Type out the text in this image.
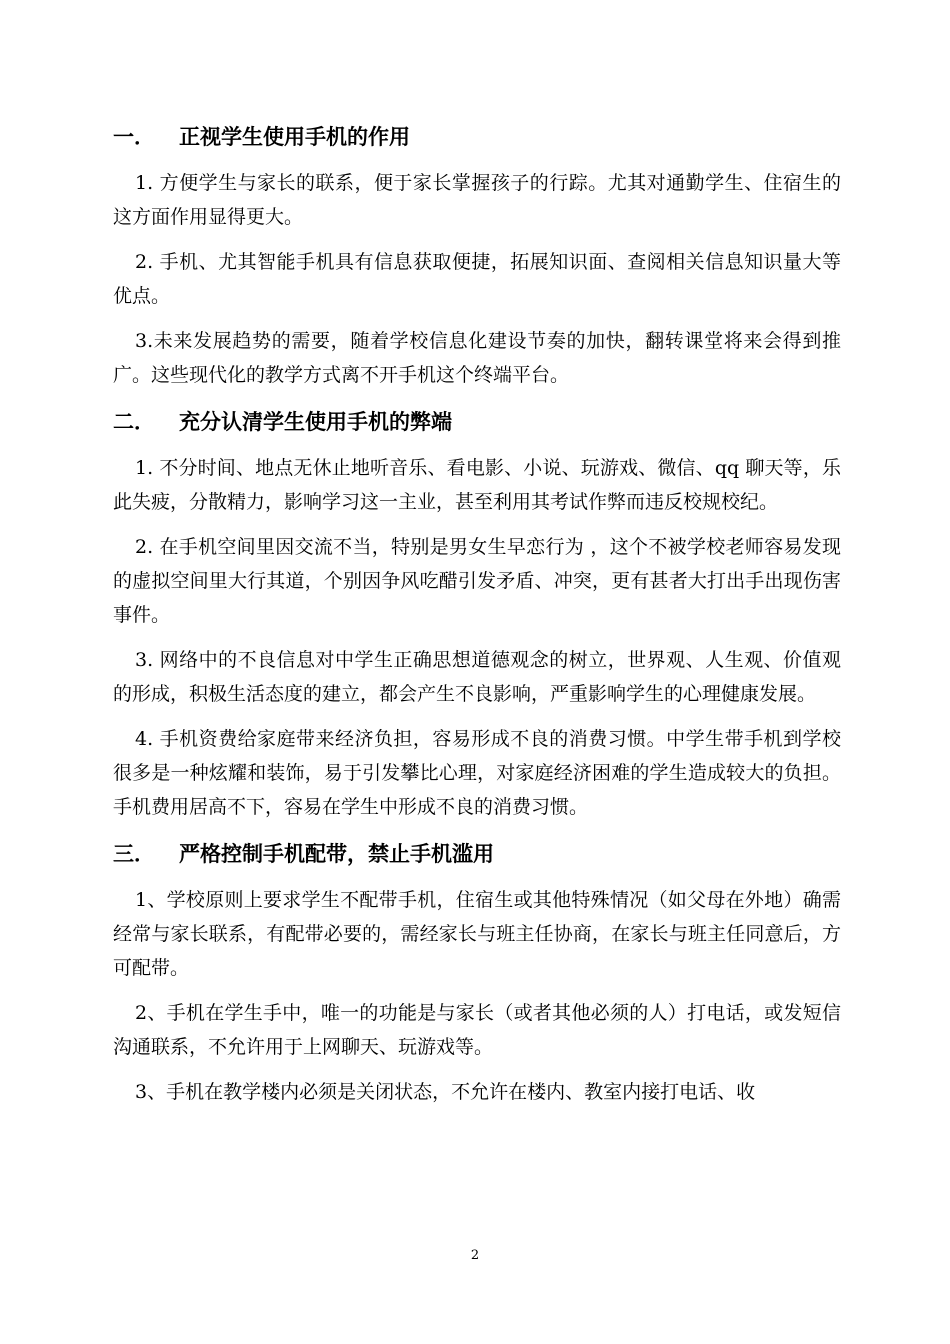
一． 正视学生使用手机的作用

1. 方便学生与家长的联系，便于家长掌握孩子的行踪。尤其对通勤学生、住宿生的这方面作用显得更大。

2. 手机、尤其智能手机具有信息获取便捷，拓展知识面、查阅相关信息知识量大等优点。

3.未来发展趋势的需要，随着学校信息化建设节奏的加快，翻转课堂将来会得到推广。这些现代化的教学方式离不开手机这个终端平台。

二． 充分认清学生使用手机的弊端

1. 不分时间、地点无休止地听音乐、看电影、小说、玩游戏、微信、qq 聊天等，乐此失疲，分散精力，影响学习这一主业，甚至利用其考试作弊而违反校规校纪。

2. 在手机空间里因交流不当，特别是男女生早恋行为 ，这个不被学校老师容易发现的虚拟空间里大行其道，个别因争风吃醋引发矛盾、冲突，更有甚者大打出手出现伤害事件。

3. 网络中的不良信息对中学生正确思想道德观念的树立，世界观、人生观、价值观的形成，积极生活态度的建立，都会产生不良影响，严重影响学生的心理健康发展。

4. 手机资费给家庭带来经济负担，容易形成不良的消费习惯。中学生带手机到学校很多是一种炫耀和装饰，易于引发攀比心理，对家庭经济困难的学生造成较大的负担。手机费用居高不下，容易在学生中形成不良的消费习惯。

三． 严格控制手机配带，禁止手机滥用

1、学校原则上要求学生不配带手机，住宿生或其他特殊情况（如父母在外地）确需经常与家长联系，有配带必要的，需经家长与班主任协商，在家长与班主任同意后，方可配带。

2、手机在学生手中，唯一的功能是与家长（或者其他必须的人）打电话，或发短信沟通联系，不允许用于上网聊天、玩游戏等。

3、手机在教学楼内必须是关闭状态，不允许在楼内、教室内接打电话、收

2
